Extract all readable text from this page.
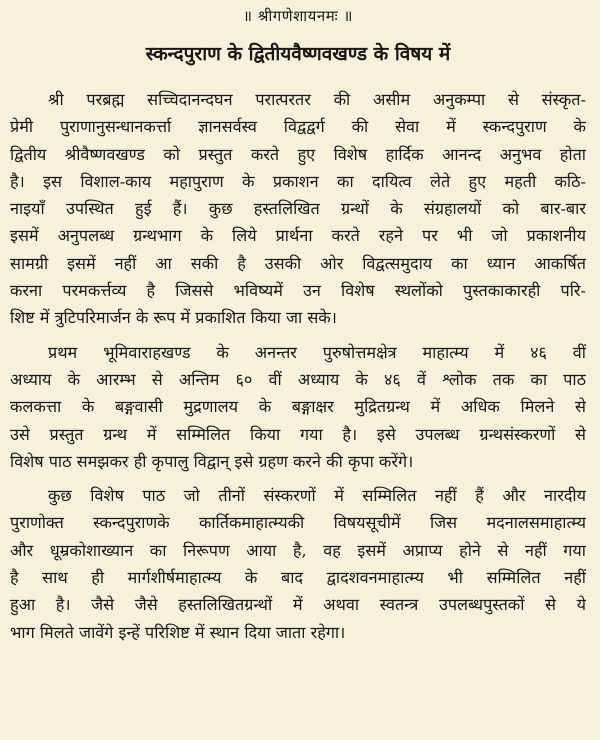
॥ श्रीगणेशायनमः ॥
स्कन्दपुराण के द्वितीयवैष्णवखण्ड के विषय में
श्री परब्रह्म सच्चिदानन्दघन परात्परतर की असीम अनुकम्पा से संस्कृत-
प्रेमी पुराणानुसन्धानकर्त्ता ज्ञानसर्वस्व विद्वद्वर्ग की सेवा में स्कन्दपुराण के
द्वितीय श्रीवैष्णवखण्ड को प्रस्तुत करते हुए विशेष हार्दिक आनन्द अनुभव होता
है। इस विशाल-काय महापुराण के प्रकाशन का दायित्व लेते हुए महती कठि-
नाइयाँ उपस्थित हुई हैं। कुछ हस्तलिखित ग्रन्थों के संग्रहालयों को बार-बार
इसमें अनुपलब्ध ग्रन्थभाग के लिये प्रार्थना करते रहने पर भी जो प्रकाशनीय
सामग्री इसमें नहीं आ सकी है उसकी ओर विद्वत्समुदाय का ध्यान आकर्षित
करना परमकर्त्तव्य है जिससे भविष्यमें उन विशेष स्थलोंको पुस्तकाकारही परि-
शिष्ट में त्रुटिपरिमार्जन के रूप में प्रकाशित किया जा सके।
प्रथम भूमिवाराहखण्ड के अनन्तर पुरुषोत्तमक्षेत्र माहात्म्य में ४६ वीं
अध्याय के आरम्भ से अन्तिम ६० वीं अध्याय के ४६ वें श्लोक तक का पाठ
कलकत्ता के बङ्गवासी मुद्रणालय के बङ्गाक्षर मुद्रितग्रन्थ में अधिक मिलने से
उसे प्रस्तुत ग्रन्थ में सम्मिलित किया गया है। इसे उपलब्ध ग्रन्थसंस्करणों से
विशेष पाठ समझकर ही कृपालु विद्वान् इसे ग्रहण करने की कृपा करेंगे।
कुछ विशेष पाठ जो तीनों संस्करणों में सम्मिलित नहीं हैं और नारदीय
पुराणोक्त स्कन्दपुराणके कार्तिकमाहात्म्यकी विषयसूचीमें जिस मदनालसमाहात्म्य
और धूम्रकोशाख्यान का निरूपण आया है, वह इसमें अप्राप्य होने से नहीं गया
है साथ ही मार्गशीर्षमाहात्म्य के बाद द्वादशवनमाहात्म्य भी सम्मिलित नहीं
हुआ है। जैसे जैसे हस्तलिखितग्रन्थों में अथवा स्वतन्त्र उपलब्धपुस्तकों से ये
भाग मिलते जावेंगे इन्हें परिशिष्ट में स्थान दिया जाता रहेगा।
